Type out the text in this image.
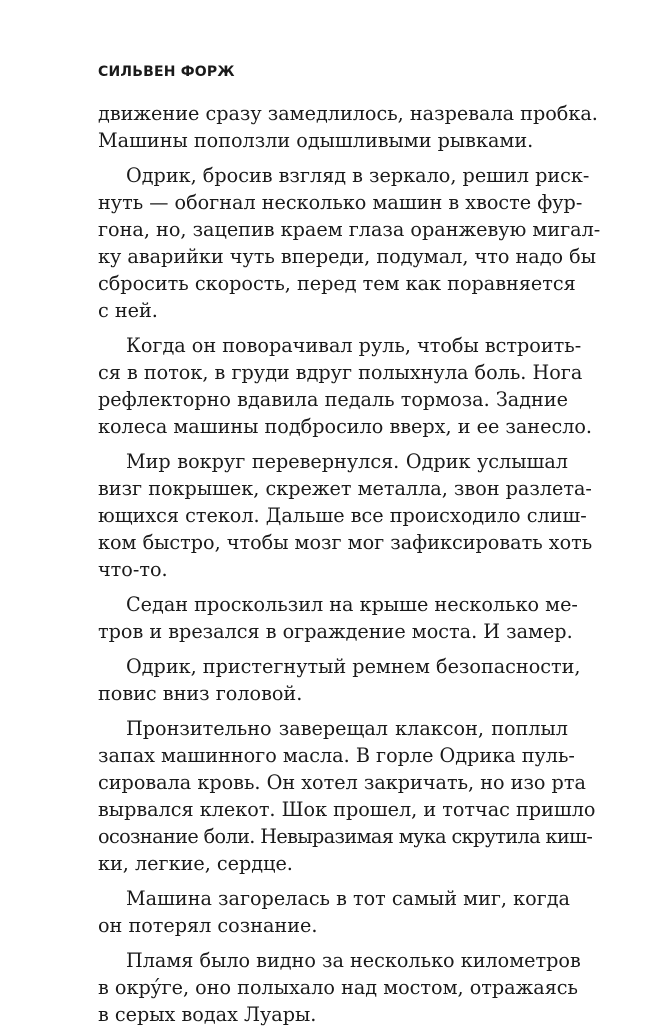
СИЛЬВЕН ФОРЖ

движение сразу замедлилось, назревала пробка.
Машины поползли одышливыми рывками.

Одрик, бросив взгляд в зеркало, решил риск-
нуть — обогнал несколько машин в хвосте фур-
гона, но, зацепив краем глаза оранжевую мигал-
ку аварийки чуть впереди, подумал, что надо бы
сбросить скорость, перед тем как поравняется
с ней.

Когда он поворачивал руль, чтобы встроить-
ся в поток, в груди вдруг полыхнула боль. Нога
рефлекторно вдавила педаль тормоза. Задние
колеса машины подбросило вверх, и ее занесло.

Мир вокруг перевернулся. Одрик услышал
визг покрышек, скрежет металла, звон разлета-
ющихся стекол. Дальше все происходило слиш-
ком быстро, чтобы мозг мог зафиксировать хоть
что-то.

Седан проскользил на крыше несколько ме-
тров и врезался в ограждение моста. И замер.

Одрик, пристегнутый ремнем безопасности,
повис вниз головой.

Пронзительно заверещал клаксон, поплыл
запах машинного масла. В горле Одрика пуль-
сировала кровь. Он хотел закричать, но изо рта
вырвался клекот. Шок прошел, и тотчас пришло
осознание боли. Невыразимая мука скрутила киш-
ки, легкие, сердце.

Машина загорелась в тот самый миг, когда
он потерял сознание.

Пламя было видно за несколько километров
в окрýге, оно полыхало над мостом, отражаясь
в серых водах Луары.
